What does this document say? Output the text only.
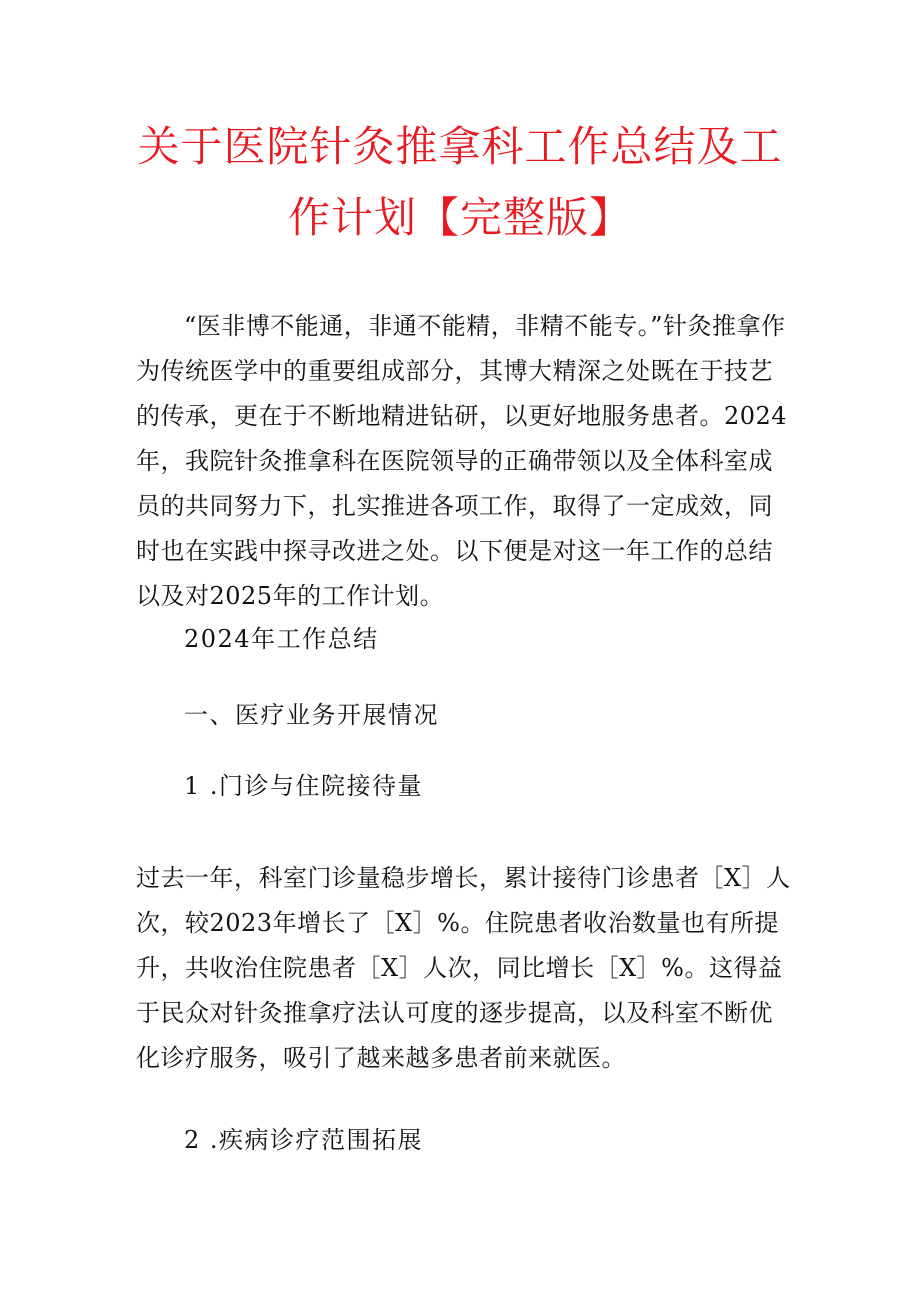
关于医院针灸推拿科工作总结及工
作计划【完整版】
“医非博不能通，非通不能精，非精不能专。”针灸推拿作为传统医学中的重要组成部分，其博大精深之处既在于技艺的传承，更在于不断地精进钻研，以更好地服务患者。2024年，我院针灸推拿科在医院领导的正确带领以及全体科室成员的共同努力下，扎实推进各项工作，取得了一定成效，同时也在实践中探寻改进之处。以下便是对这一年工作的总结以及对2025年的工作计划。
2024年工作总结
一、医疗业务开展情况
1 .门诊与住院接待量
过去一年，科室门诊量稳步增长，累计接待门诊患者［X］人次，较2023年增长了［X］%。住院患者收治数量也有所提升，共收治住院患者［X］人次，同比增长［X］%。这得益于民众对针灸推拿疗法认可度的逐步提高，以及科室不断优化诊疗服务，吸引了越来越多患者前来就医。
2 .疾病诊疗范围拓展
